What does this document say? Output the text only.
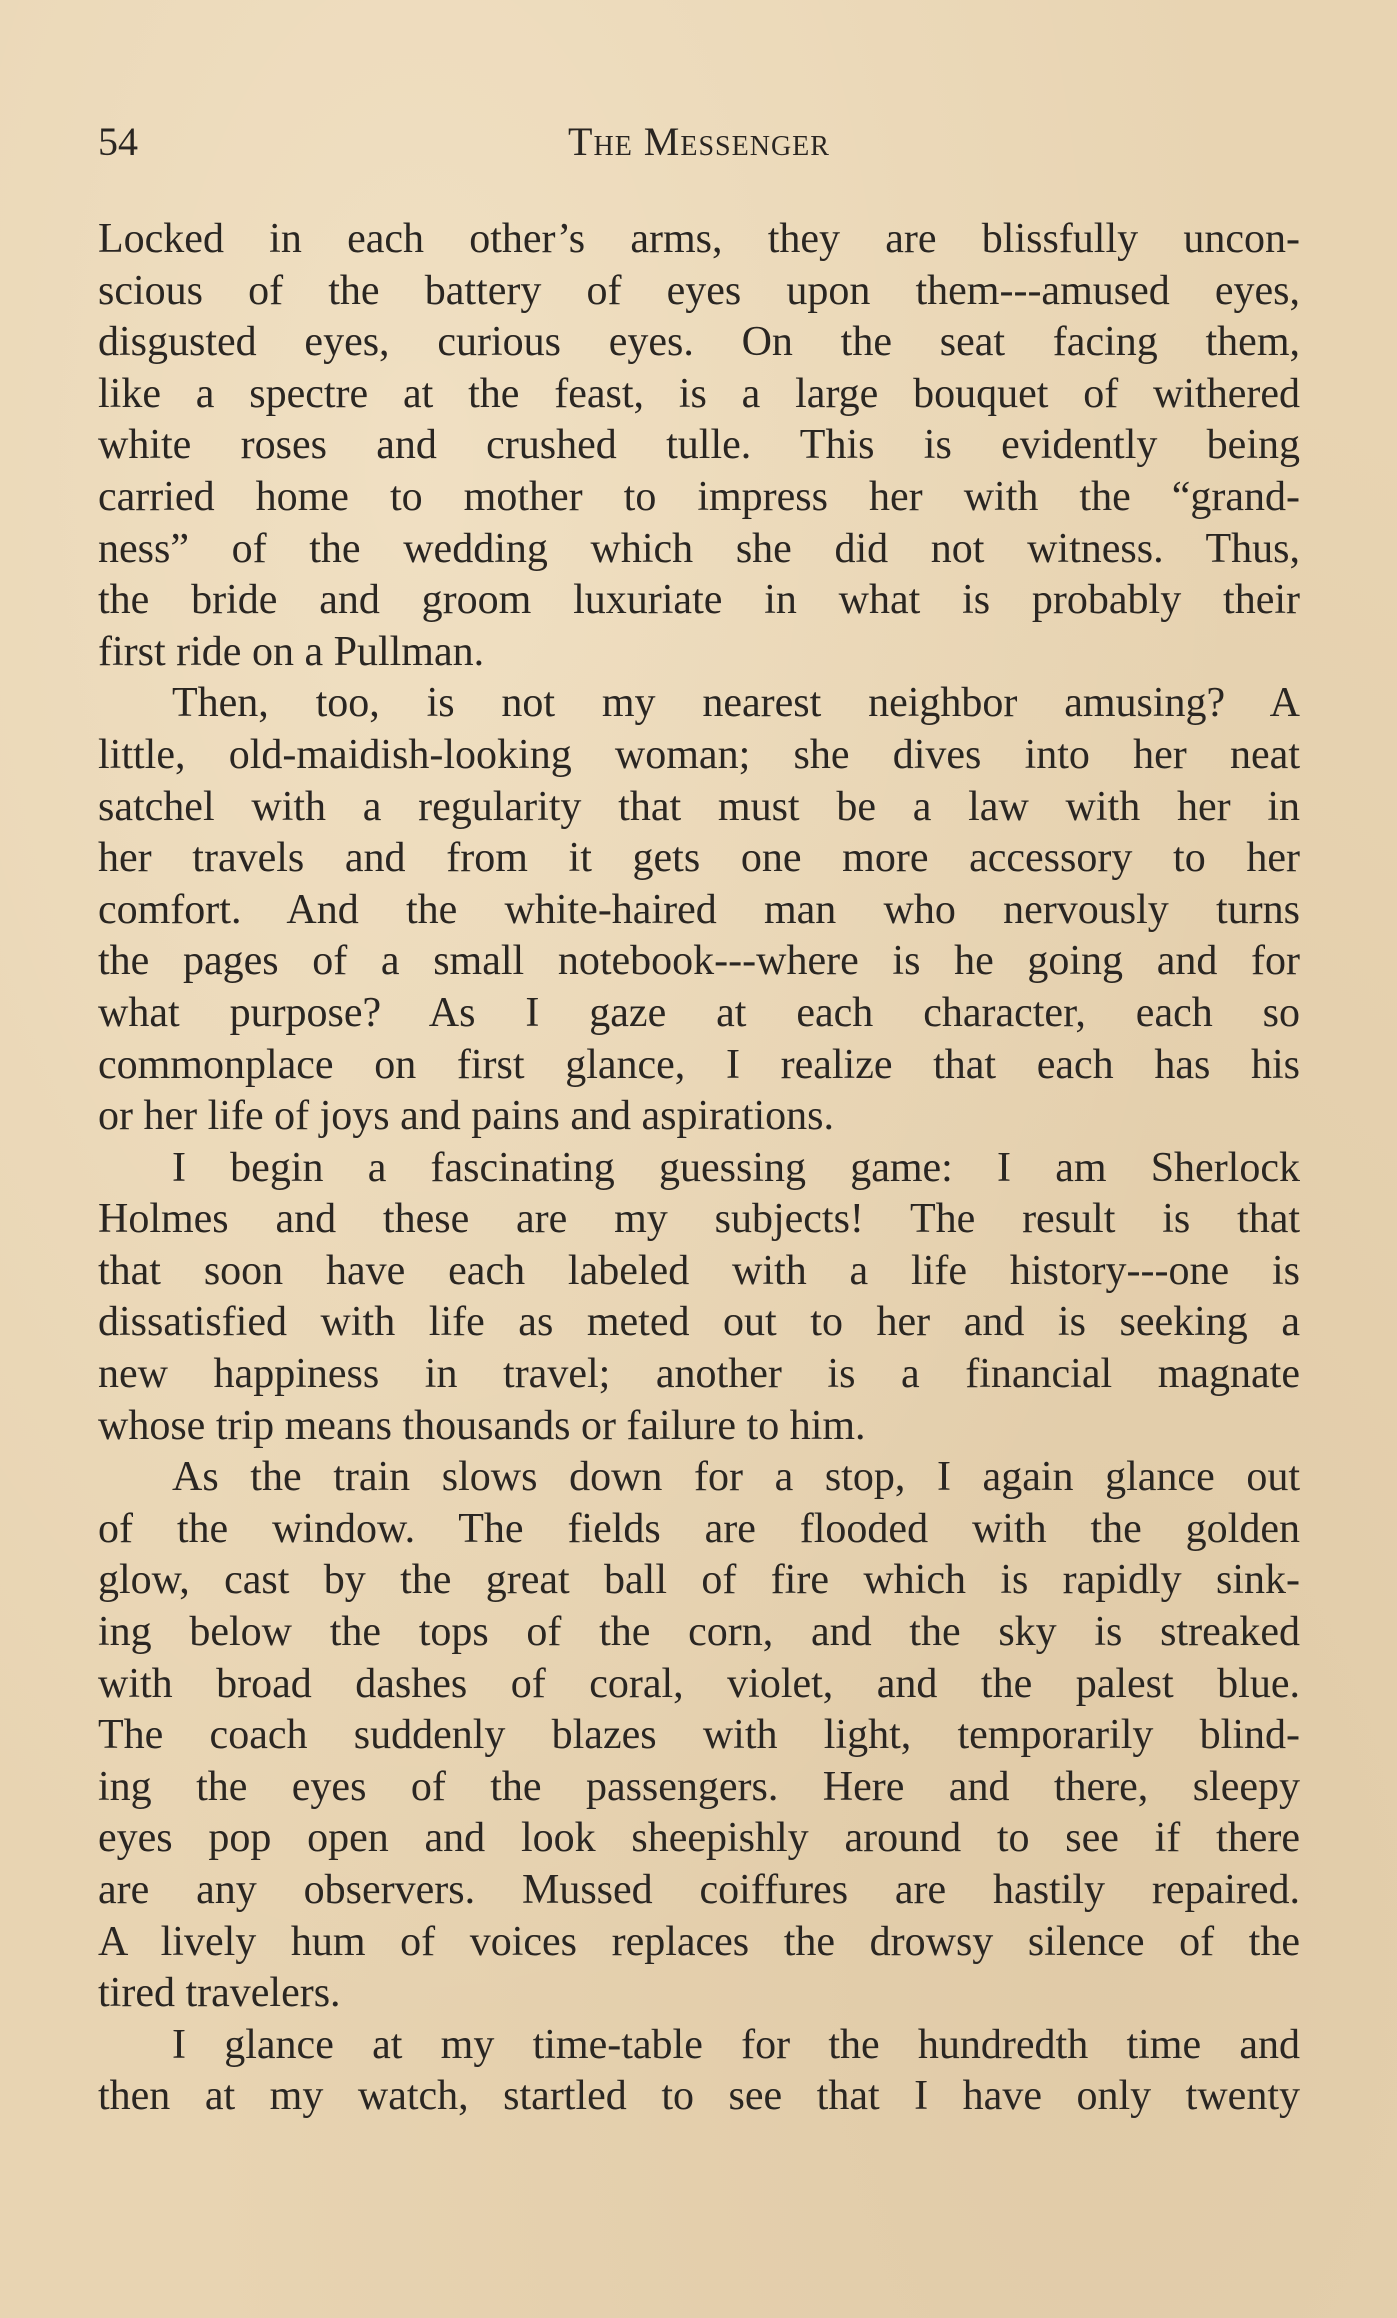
54	The Messenger
Locked in each other’s arms, they are blissfully uncon-
scious of the battery of eyes upon them---amused eyes,
disgusted eyes, curious eyes. On the seat facing them,
like a spectre at the feast, is a large bouquet of withered
white roses and crushed tulle. This is evidently being
carried home to mother to impress her with the “grand-
ness” of the wedding which she did not witness. Thus,
the bride and groom luxuriate in what is probably their
first ride on a Pullman.
Then, too, is not my nearest neighbor amusing? A
little, old-maidish-looking woman; she dives into her neat
satchel with a regularity that must be a law with her in
her travels and from it gets one more accessory to her
comfort. And the white-haired man who nervously turns
the pages of a small notebook---where is he going and for
what purpose? As I gaze at each character, each so
commonplace on first glance, I realize that each has his
or her life of joys and pains and aspirations.
I begin a fascinating guessing game: I am Sherlock
Holmes and these are my subjects! The result is that
that soon have each labeled with a life history---one is
dissatisfied with life as meted out to her and is seeking a
new happiness in travel; another is a financial magnate
whose trip means thousands or failure to him.
As the train slows down for a stop, I again glance out
of the window. The fields are flooded with the golden
glow, cast by the great ball of fire which is rapidly sink-
ing below the tops of the corn, and the sky is streaked
with broad dashes of coral, violet, and the palest blue.
The coach suddenly blazes with light, temporarily blind-
ing the eyes of the passengers. Here and there, sleepy
eyes pop open and look sheepishly around to see if there
are any observers. Mussed coiffures are hastily repaired.
A lively hum of voices replaces the drowsy silence of the
tired travelers.
I glance at my time-table for the hundredth time and
then at my watch, startled to see that I have only twenty
